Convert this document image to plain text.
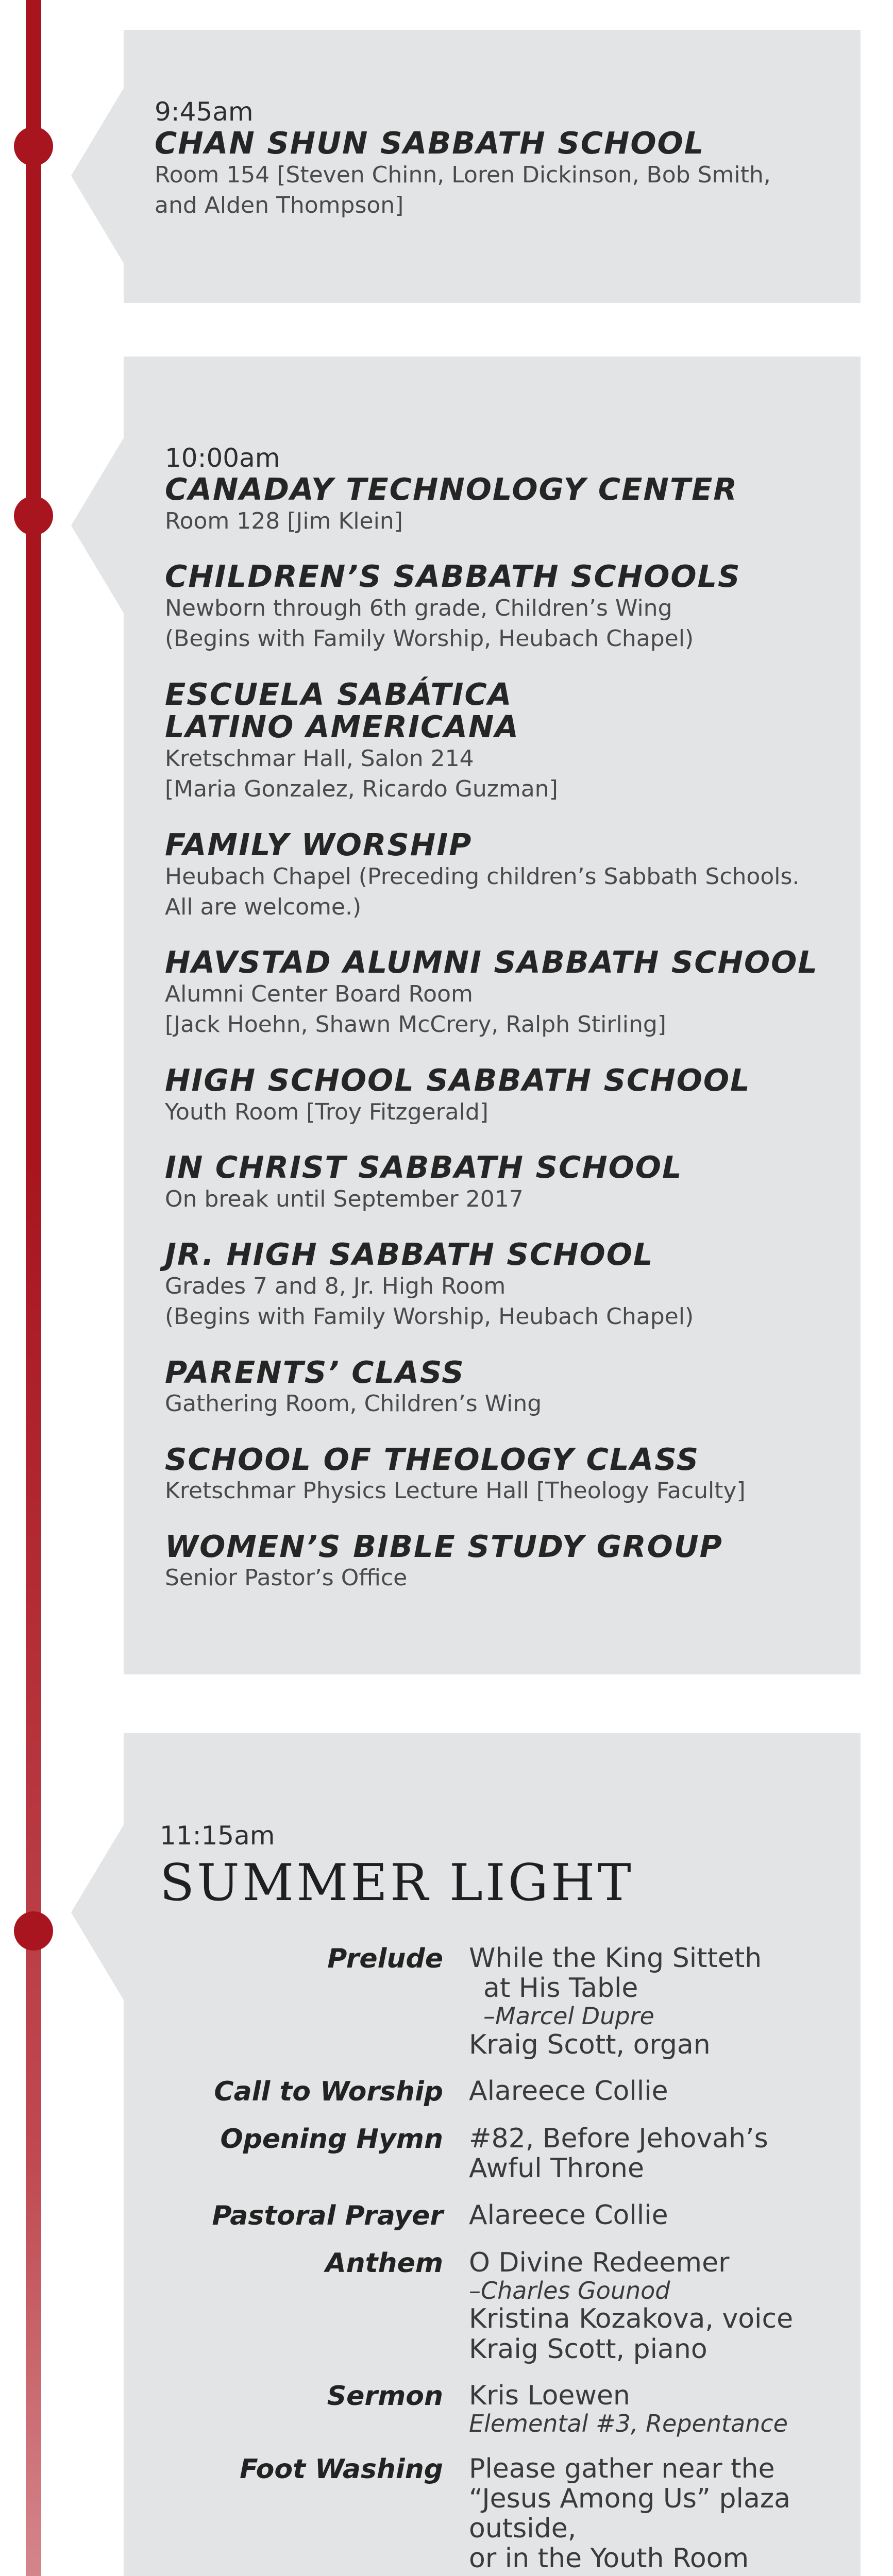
9:45am
CHAN SHUN SABBATH SCHOOL
Room 154 [Steven Chinn, Loren Dickinson, Bob Smith,
and Alden Thompson]
10:00am
CANADAY TECHNOLOGY CENTER
Room 128 [Jim Klein]
CHILDREN’S SABBATH SCHOOLS
Newborn through 6th grade, Children’s Wing
(Begins with Family Worship, Heubach Chapel)
ESCUELA SABÁTICA
LATINO AMERICANA
Kretschmar Hall, Salon 214
[Maria Gonzalez, Ricardo Guzman]
FAMILY WORSHIP
Heubach Chapel (Preceding children’s Sabbath Schools.
All are welcome.)
HAVSTAD ALUMNI SABBATH SCHOOL
Alumni Center Board Room
[Jack Hoehn, Shawn McCrery, Ralph Stirling]
HIGH SCHOOL SABBATH SCHOOL
Youth Room [Troy Fitzgerald]
IN CHRIST SABBATH SCHOOL
On break until September 2017
JR. HIGH SABBATH SCHOOL
Grades 7 and 8, Jr. High Room
(Begins with Family Worship, Heubach Chapel)
PARENTS’ CLASS
Gathering Room, Children’s Wing
SCHOOL OF THEOLOGY CLASS
Kretschmar Physics Lecture Hall [Theology Faculty]
WOMEN’S BIBLE STUDY GROUP
Senior Pastor’s Office
11:15am
SUMMER LIGHT
Prelude While the King Sitteth
at His Table
–Marcel Dupre
Kraig Scott, organ
Call to Worship Alareece Collie
Opening Hymn #82, Before Jehovah’s
Awful Throne
Pastoral Prayer Alareece Collie
Anthem O Divine Redeemer
–Charles Gounod
Kristina Kozakova, voice
Kraig Scott, piano
Sermon Kris Loewen
Elemental #3, Repentance
Foot Washing Please gather near the
“Jesus Among Us” plaza outside,
or in the Youth Room
